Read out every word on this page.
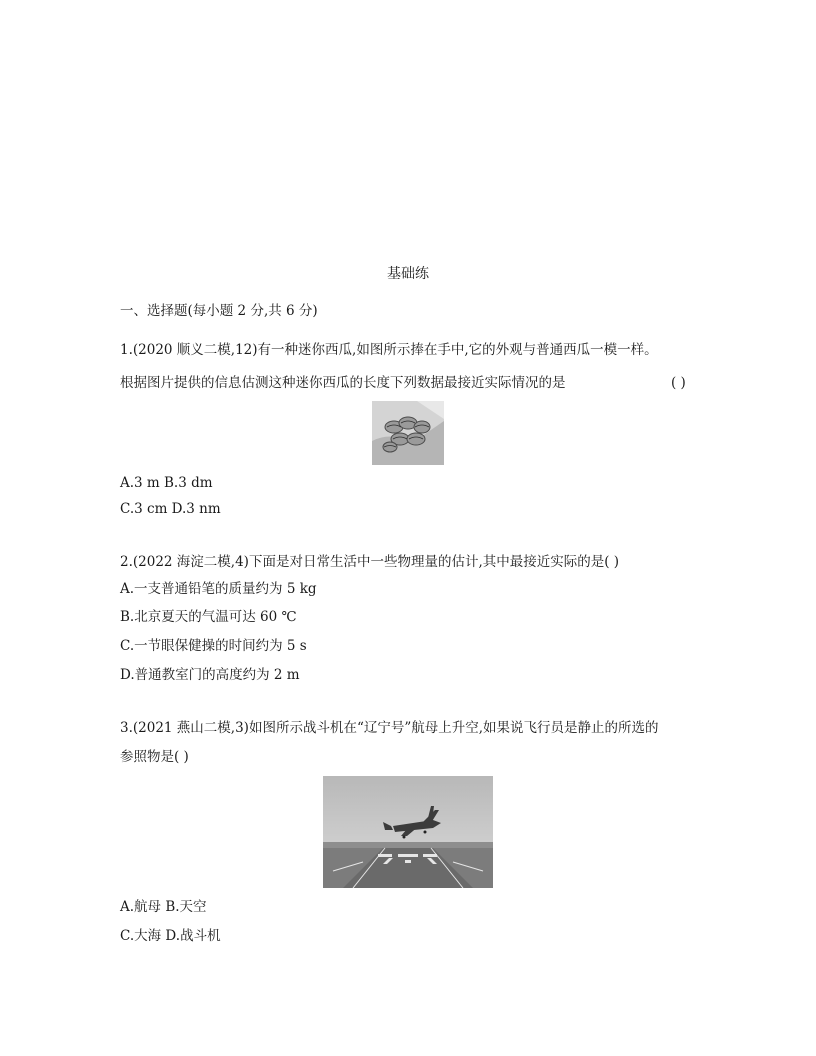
基础练
一、选择题(每小题 2 分,共 6 分)
1.(2020 顺义二模,12)有一种迷你西瓜,如图所示捧在手中,它的外观与普通西瓜一模一样。
根据图片提供的信息估测这种迷你西瓜的长度下列数据最接近实际情况的是	( )
A.3 m B.3 dm
C.3 cm D.3 nm
2.(2022 海淀二模,4)下面是对日常生活中一些物理量的估计,其中最接近实际的是( )
A.一支普通铅笔的质量约为 5 kg
B.北京夏天的气温可达 60 ℃
C.一节眼保健操的时间约为 5 s
D.普通教室门的高度约为 2 m
3.(2021 燕山二模,3)如图所示战斗机在“辽宁号”航母上升空,如果说飞行员是静止的所选的
参照物是( )
A.航母 B.天空
C.大海 D.战斗机
